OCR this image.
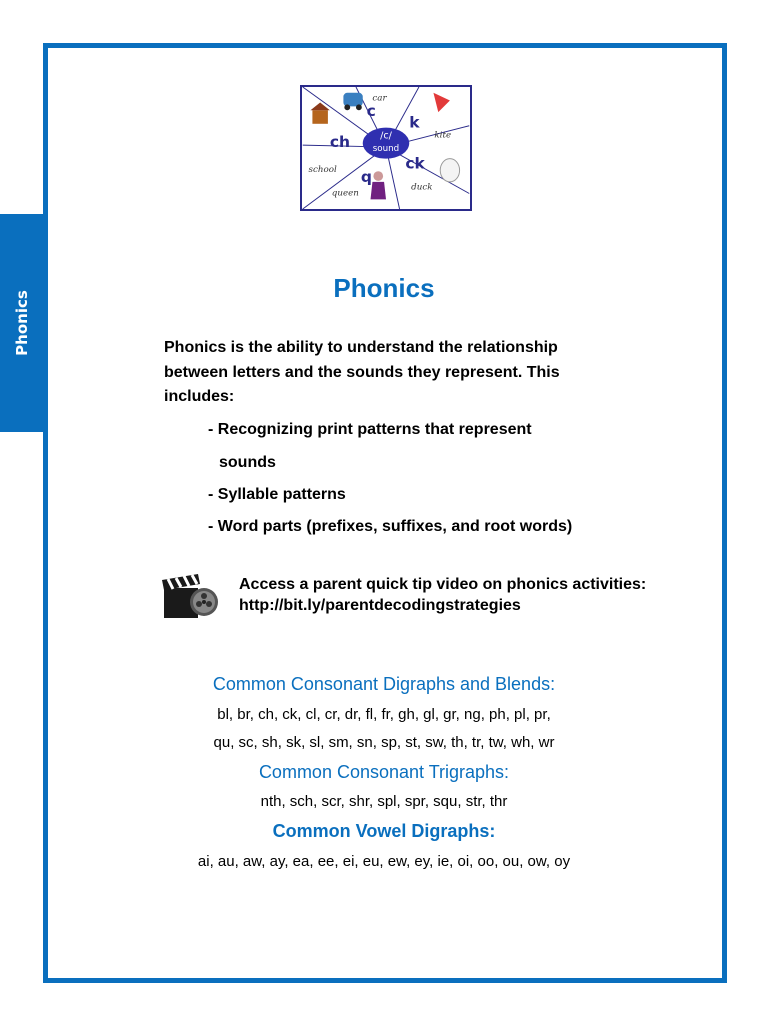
Phonics
/c/
sound
c
k
ch
ck
q
car
kite
school
queen
duck
Phonics
Phonics is the ability to understand the relationship between letters and the sounds they represent. This includes:
- Recognizing print patterns that represent
sounds
- Syllable patterns
- Word parts (prefixes, suffixes, and root words)
Access a parent quick tip video on phonics activities:
http://bit.ly/parentdecodingstrategies
Common Consonant Digraphs and Blends:
bl, br, ch, ck, cl, cr, dr, fl, fr, gh, gl, gr, ng, ph, pl, pr,
qu, sc, sh, sk, sl, sm, sn, sp, st, sw, th, tr, tw, wh, wr
Common Consonant Trigraphs:
nth, sch, scr, shr, spl, spr, squ, str, thr
Common Vowel Digraphs:
ai, au, aw, ay, ea, ee, ei, eu, ew, ey, ie, oi, oo, ou, ow, oy
